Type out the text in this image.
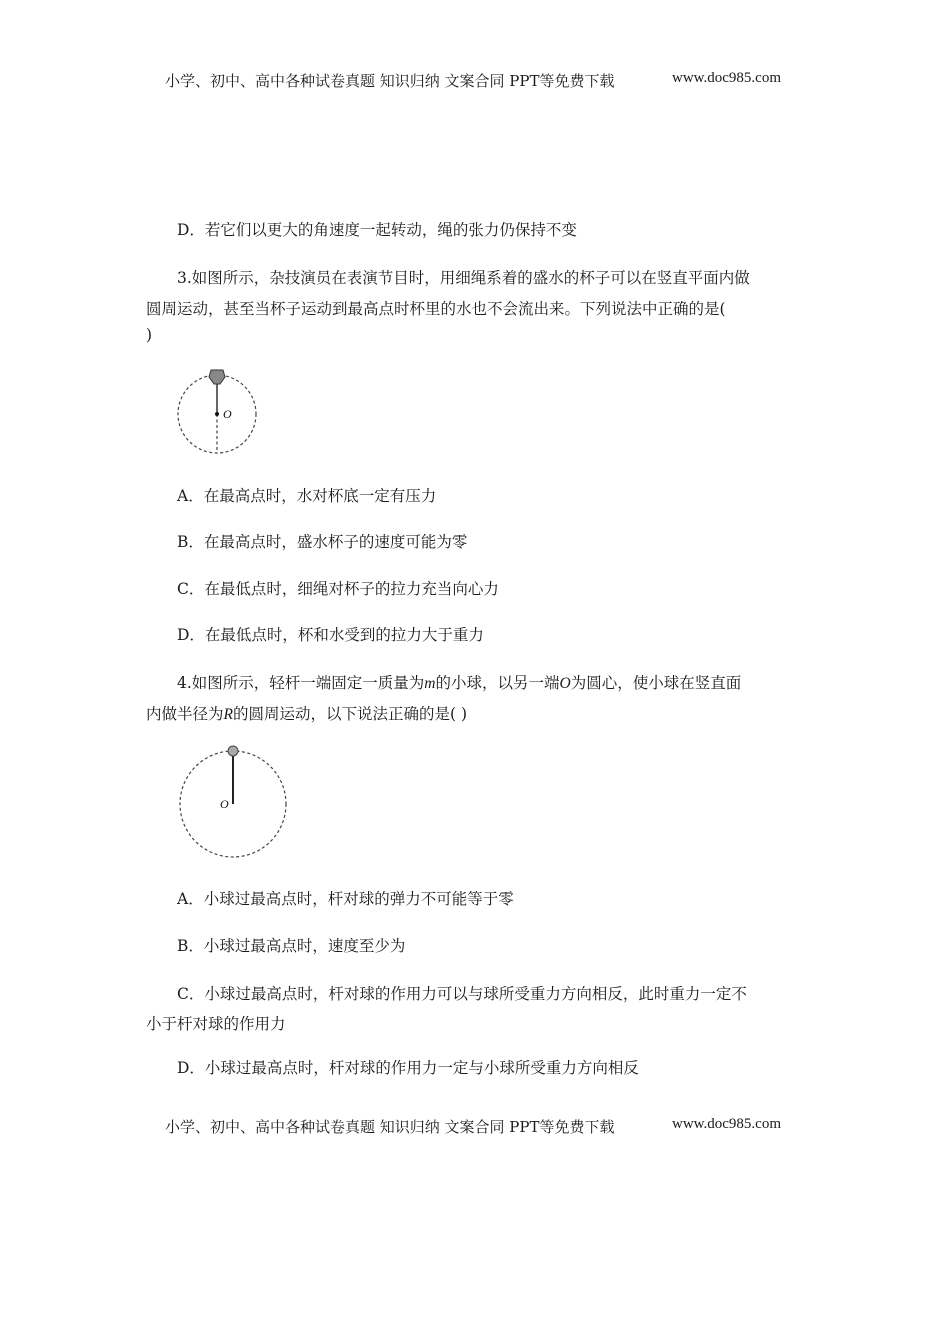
小学、初中、高中各种试卷真题 知识归纳 文案合同 PPT等免费下载	www.doc985.com
D．若它们以更大的角速度一起转动，绳的张力仍保持不变
3.如图所示，杂技演员在表演节目时，用细绳系着的盛水的杯子可以在竖直平面内做
圆周运动，甚至当杯子运动到最高点时杯里的水也不会流出来。下列说法中正确的是(
)
O
A．在最高点时，水对杯底一定有压力
B．在最高点时，盛水杯子的速度可能为零
C．在最低点时，细绳对杯子的拉力充当向心力
D．在最低点时，杯和水受到的拉力大于重力
4.如图所示，轻杆一端固定一质量为m的小球，以另一端O为圆心，使小球在竖直面
内做半径为R的圆周运动，以下说法正确的是( )
O
A．小球过最高点时，杆对球的弹力不可能等于零
B．小球过最高点时，速度至少为
C．小球过最高点时，杆对球的作用力可以与球所受重力方向相反，此时重力一定不
小于杆对球的作用力
D．小球过最高点时，杆对球的作用力一定与小球所受重力方向相反
小学、初中、高中各种试卷真题 知识归纳 文案合同 PPT等免费下载	www.doc985.com
